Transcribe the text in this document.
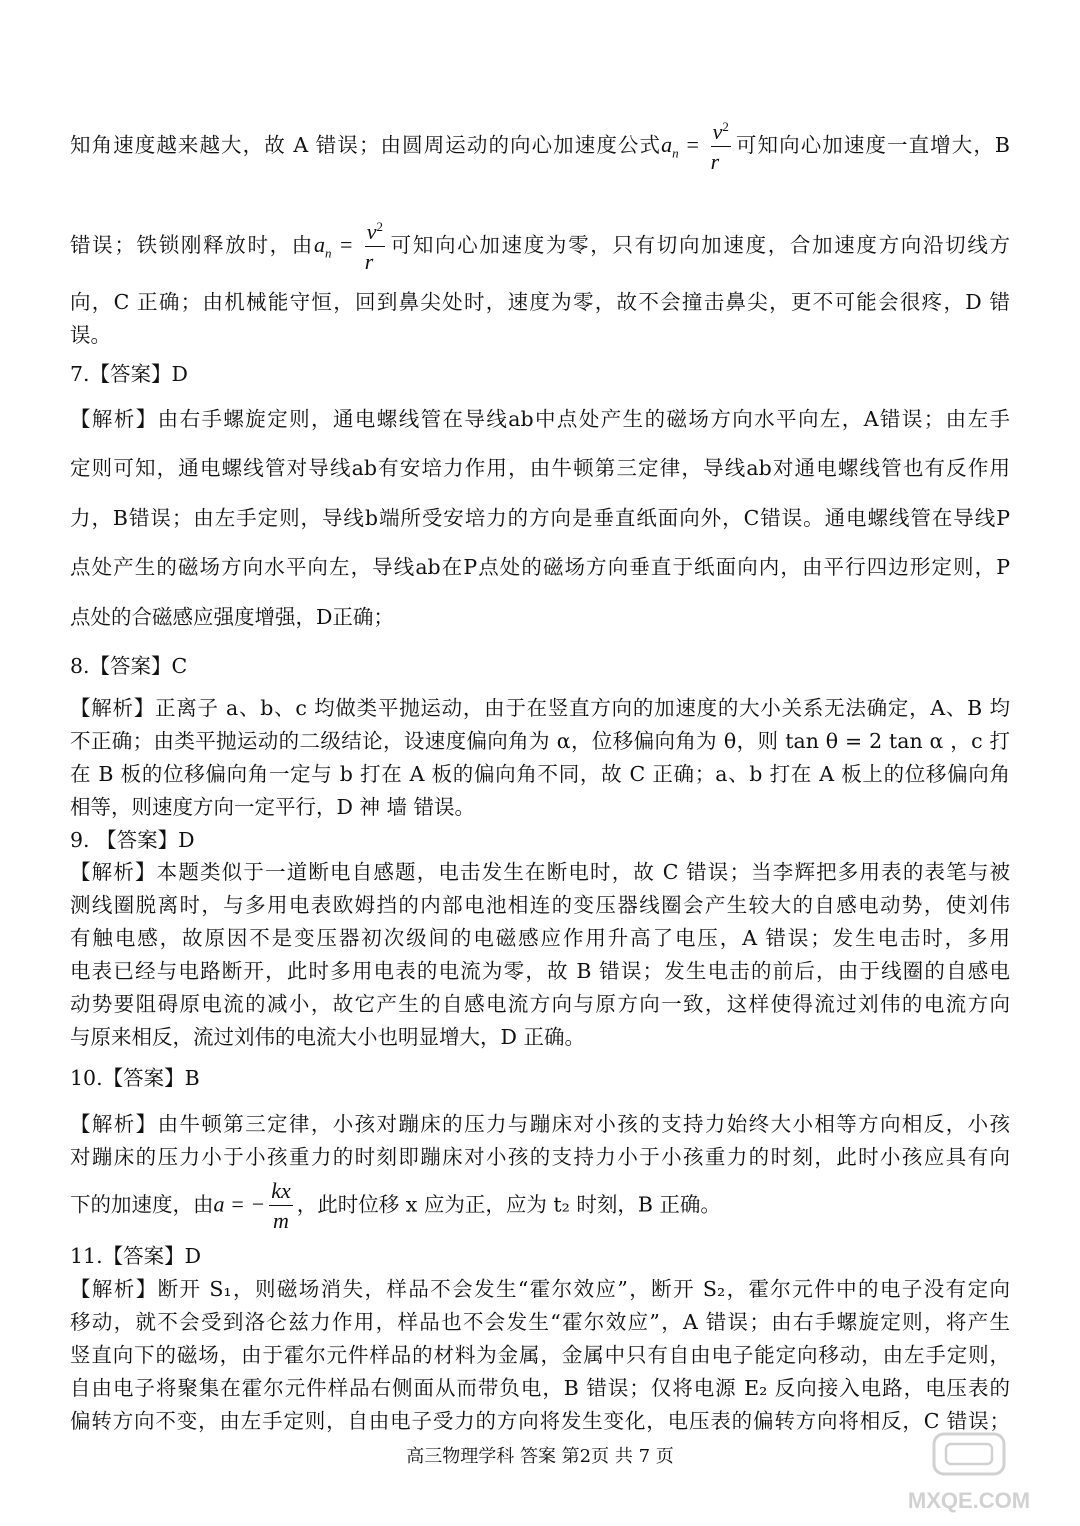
知角速度越来越大，故 A 错误；由圆周运动的向心加速度公式$a_n = \frac{v^2}{r}$ 可知向心加速度一直增大，B
错误；铁锁刚释放时，由$a_n = \frac{v^2}{r}$ 可知向心加速度为零，只有切向加速度，合加速度方向沿切线方
向，C 正确；由机械能守恒，回到鼻尖处时，速度为零，故不会撞击鼻尖，更不可能会很疼，D 错
误。
7.【答案】D
【解析】由右手螺旋定则，通电螺线管在导线ab中点处产生的磁场方向水平向左，A错误；由左手
定则可知，通电螺线管对导线ab有安培力作用，由牛顿第三定律，导线ab对通电螺线管也有反作用
力，B错误；由左手定则，导线b端所受安培力的方向是垂直纸面向外，C错误。通电螺线管在导线P
点处产生的磁场方向水平向左，导线ab在P点处的磁场方向垂直于纸面向内，由平行四边形定则，P
点处的合磁感应强度增强，D正确；
8.【答案】C
【解析】正离子 a、b、c 均做类平抛运动，由于在竖直方向的加速度的大小关系无法确定，A、B 均
不正确；由类平抛运动的二级结论，设速度偏向角为 α，位移偏向角为 θ，则 tan θ = 2 tan α ，c 打
在 B 板的位移偏向角一定与 b 打在 A 板的偏向角不同，故 C 正确；a、b 打在 A 板上的位移偏向角
相等，则速度方向一定平行，D 神 墙 错误。
9. 【答案】D
【解析】本题类似于一道断电自感题，电击发生在断电时，故 C 错误；当李辉把多用表的表笔与被
测线圈脱离时，与多用电表欧姆挡的内部电池相连的变压器线圈会产生较大的自感电动势，使刘伟
有触电感，故原因不是变压器初次级间的电磁感应作用升高了电压，A 错误；发生电击时，多用
电表已经与电路断开，此时多用电表的电流为零，故 B 错误；发生电击的前后，由于线圈的自感电
动势要阻碍原电流的减小，故它产生的自感电流方向与原方向一致，这样使得流过刘伟的电流方向
与原来相反，流过刘伟的电流大小也明显增大，D 正确。
10.【答案】B
【解析】由牛顿第三定律，小孩对蹦床的压力与蹦床对小孩的支持力始终大小相等方向相反，小孩
对蹦床的压力小于小孩重力的时刻即蹦床对小孩的支持力小于小孩重力的时刻，此时小孩应具有向
下的加速度，由a = − $\frac{kx}{m}$ ，此时位移 x 应为正，应为 t₂ 时刻，B 正确。
11.【答案】D
【解析】断开 S₁，则磁场消失，样品不会发生“霍尔效应”，断开 S₂，霍尔元件中的电子没有定向
移动，就不会受到洛仑兹力作用，样品也不会发生“霍尔效应”，A 错误；由右手螺旋定则，将产生
竖直向下的磁场，由于霍尔元件样品的材料为金属，金属中只有自由电子能定向移动，由左手定则，
自由电子将聚集在霍尔元件样品右侧面从而带负电，B 错误；仅将电源 E₂ 反向接入电路，电压表的
偏转方向不变，由左手定则，自由电子受力的方向将发生变化，电压表的偏转方向将相反，C 错误；
高三物理学科 答案 第2页 共 7 页
MXQE.COM
